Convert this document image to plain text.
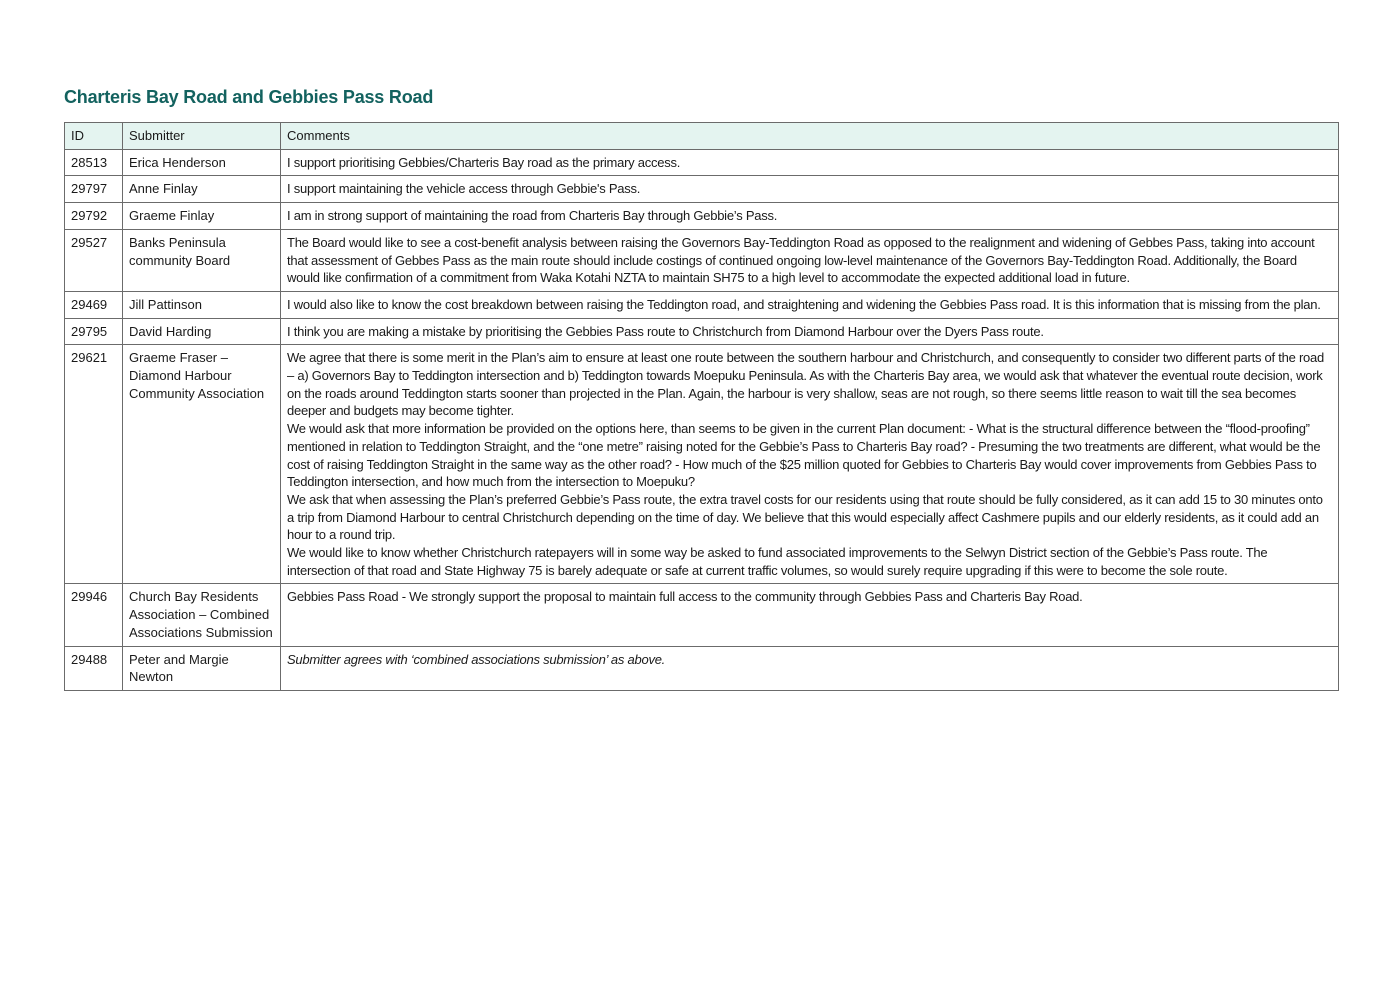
Charteris Bay Road and Gebbies Pass Road
ID	Submitter	Comments
28513	Erica Henderson	I support prioritising Gebbies/Charteris Bay road as the primary access.

29797	Anne Finlay	I support maintaining the vehicle access through Gebbie's Pass.

29792	Graeme Finlay	I am in strong support of maintaining the road from Charteris Bay through Gebbie’s Pass.

29527	Banks Peninsula community Board	The Board would like to see a cost-benefit analysis between raising the Governors Bay-Teddington Road as opposed to the realignment and widening of Gebbes Pass, taking into account that assessment of Gebbes Pass as the main route should include costings of continued ongoing low-level maintenance of the Governors Bay-Teddington Road. Additionally, the Board would like confirmation of a commitment from Waka Kotahi NZTA to maintain SH75 to a high level to accommodate the expected additional load in future.

29469	Jill Pattinson	I would also like to know the cost breakdown between raising the Teddington road, and straightening and widening the Gebbies Pass road. It is this information that is missing from the plan.

29795	David Harding	I think you are making a mistake by prioritising the Gebbies Pass route to Christchurch from Diamond Harbour over the Dyers Pass route.

29621	Graeme Fraser – Diamond Harbour Community Association	We agree that there is some merit in the Plan’s aim to ensure at least one route between the southern harbour and Christchurch, and consequently to consider two different parts of the road – a) Governors Bay to Teddington intersection and b) Teddington towards Moepuku Peninsula. As with the Charteris Bay area, we would ask that whatever the eventual route decision, work on the roads around Teddington starts sooner than projected in the Plan. Again, the harbour is very shallow, seas are not rough, so there seems little reason to wait till the sea becomes deeper and budgets may become tighter.
We would ask that more information be provided on the options here, than seems to be given in the current Plan document: - What is the structural difference between the “flood-proofing” mentioned in relation to Teddington Straight, and the “one metre” raising noted for the Gebbie’s Pass to Charteris Bay road? - Presuming the two treatments are different, what would be the cost of raising Teddington Straight in the same way as the other road? - How much of the $25 million quoted for Gebbies to Charteris Bay would cover improvements from Gebbies Pass to Teddington intersection, and how much from the intersection to Moepuku?
We ask that when assessing the Plan’s preferred Gebbie’s Pass route, the extra travel costs for our residents using that route should be fully considered, as it can add 15 to 30 minutes onto a trip from Diamond Harbour to central Christchurch depending on the time of day. We believe that this would especially affect Cashmere pupils and our elderly residents, as it could add an hour to a round trip.
We would like to know whether Christchurch ratepayers will in some way be asked to fund associated improvements to the Selwyn District section of the Gebbie’s Pass route. The intersection of that road and State Highway 75 is barely adequate or safe at current traffic volumes, so would surely require upgrading if this were to become the sole route.

29946	Church Bay Residents Association – Combined Associations Submission	Gebbies Pass Road - We strongly support the proposal to maintain full access to the community through Gebbies Pass and Charteris Bay Road.

29488	Peter and Margie Newton	Submitter agrees with ‘combined associations submission’ as above.
